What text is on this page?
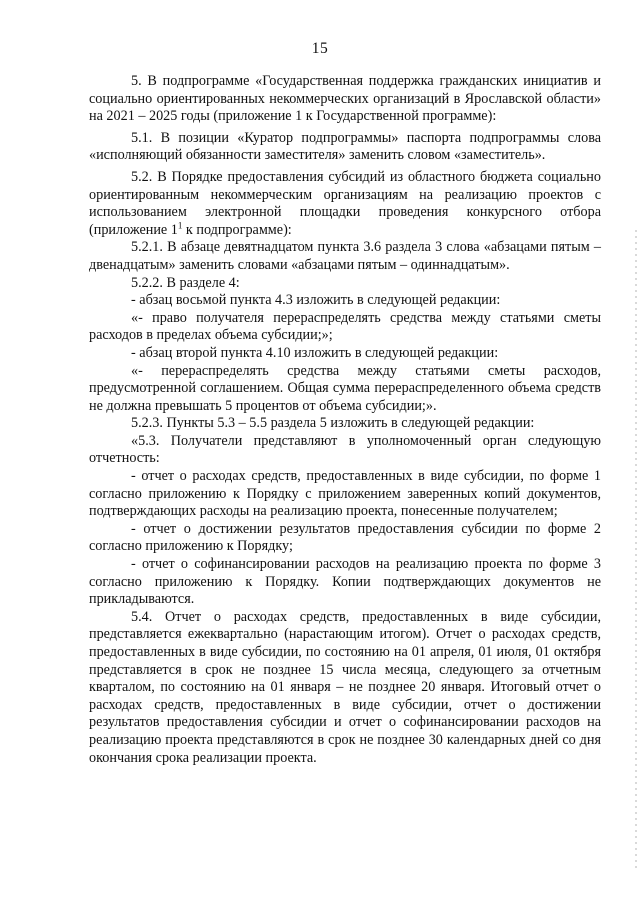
15

5. В подпрограмме «Государственная поддержка гражданских инициатив и социально ориентированных некоммерческих организаций в Ярославской области» на 2021 – 2025 годы (приложение 1 к Государственной программе):

5.1. В позиции «Куратор подпрограммы» паспорта подпрограммы слова «исполняющий обязанности заместителя» заменить словом «заместитель».

5.2. В Порядке предоставления субсидий из областного бюджета социально ориентированным некоммерческим организациям на реализацию проектов с использованием электронной площадки проведения конкурсного отбора (приложение $1^1$ к подпрограмме):

5.2.1. В абзаце девятнадцатом пункта 3.6 раздела 3 слова «абзацами пятым – двенадцатым» заменить словами «абзацами пятым – одиннадцатым».

5.2.2. В разделе 4:

- абзац восьмой пункта 4.3 изложить в следующей редакции:

«- право получателя перераспределять средства между статьями сметы расходов в пределах объема субсидии;»;

- абзац второй пункта 4.10 изложить в следующей редакции:

«- перераспределять средства между статьями сметы расходов, предусмотренной соглашением. Общая сумма перераспределенного объема средств не должна превышать 5 процентов от объема субсидии;».

5.2.3. Пункты 5.3 – 5.5 раздела 5 изложить в следующей редакции:

«5.3. Получатели представляют в уполномоченный орган следующую отчетность:

- отчет о расходах средств, предоставленных в виде субсидии, по форме 1 согласно приложению к Порядку с приложением заверенных копий документов, подтверждающих расходы на реализацию проекта, понесенные получателем;

- отчет о достижении результатов предоставления субсидии по форме 2 согласно приложению к Порядку;

- отчет о софинансировании расходов на реализацию проекта по форме 3 согласно приложению к Порядку. Копии подтверждающих документов не прикладываются.

5.4. Отчет о расходах средств, предоставленных в виде субсидии, представляется ежеквартально (нарастающим итогом). Отчет о расходах средств, предоставленных в виде субсидии, по состоянию на 01 апреля, 01 июля, 01 октября представляется в срок не позднее 15 числа месяца, следующего за отчетным кварталом, по состоянию на 01 января – не позднее 20 января. Итоговый отчет о расходах средств, предоставленных в виде субсидии, отчет о достижении результатов предоставления субсидии и отчет о софинансировании расходов на реализацию проекта представляются в срок не позднее 30 календарных дней со дня окончания срока реализации проекта.
